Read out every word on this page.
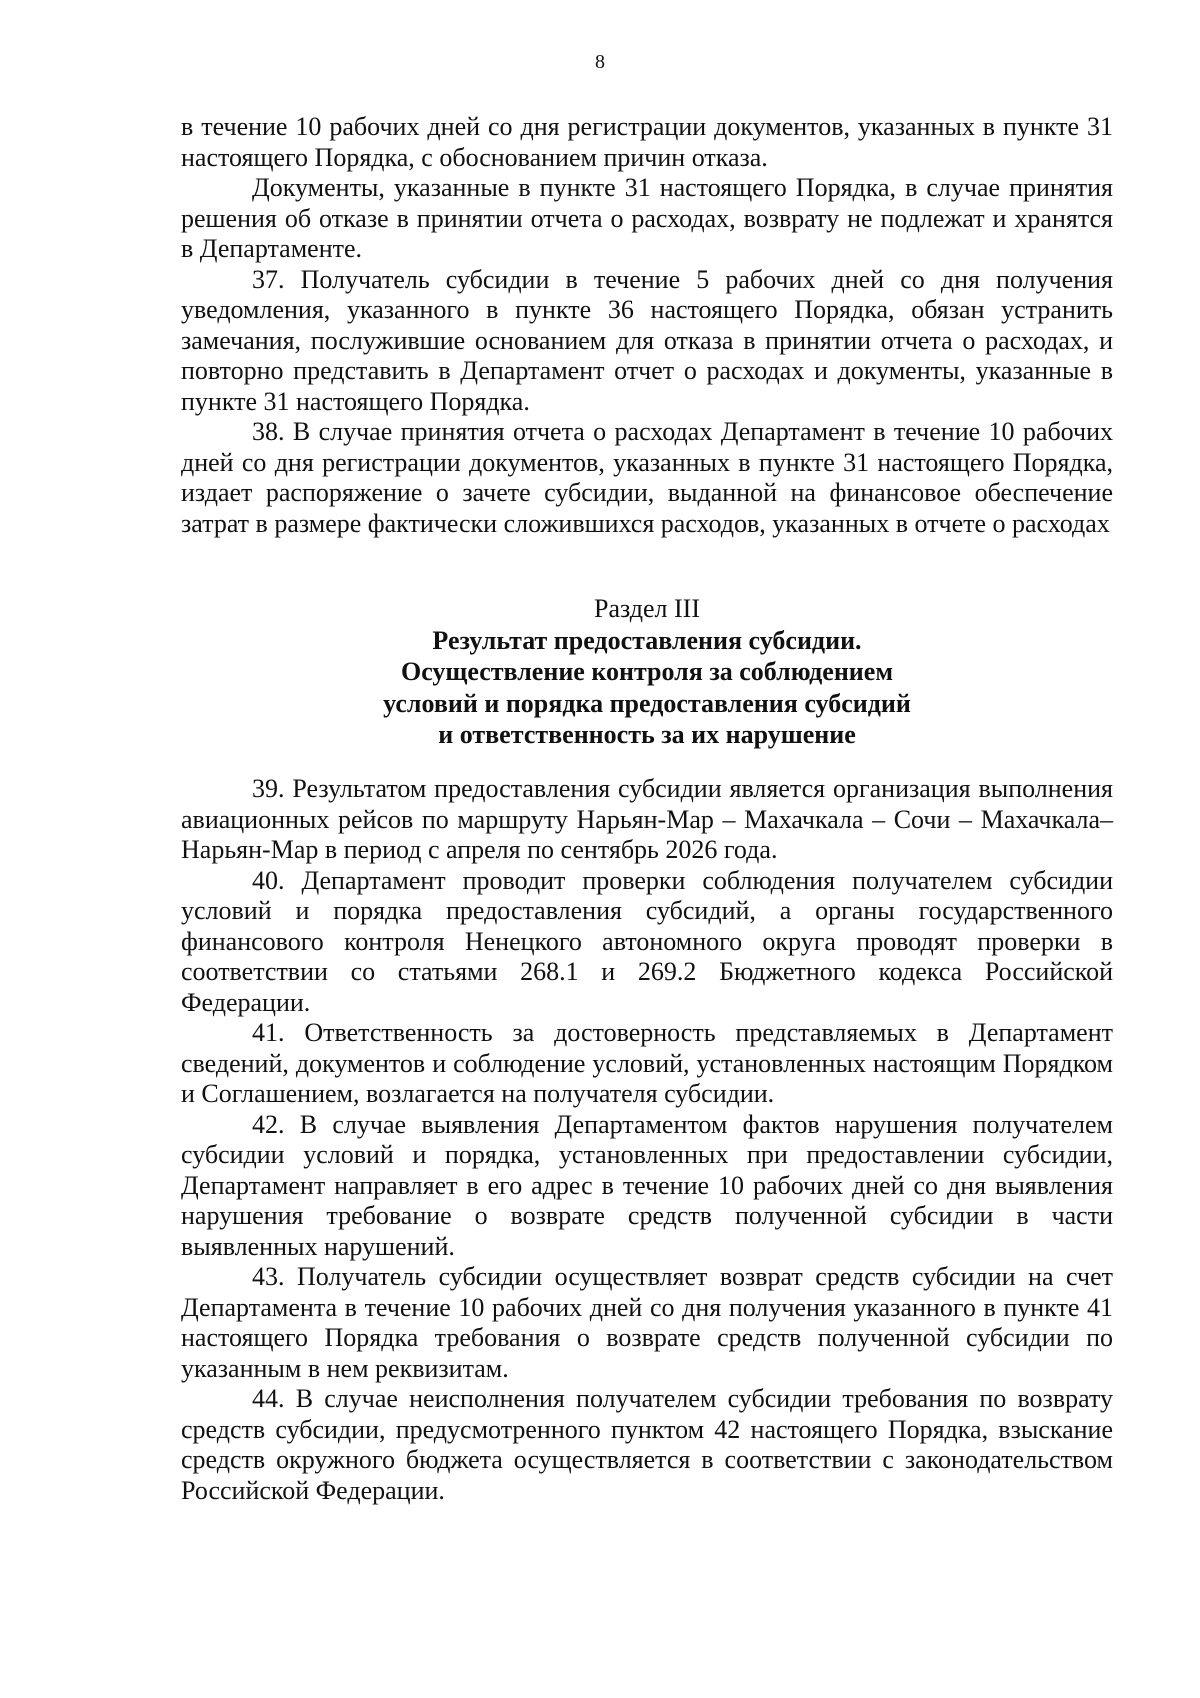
8

в течение 10 рабочих дней со дня регистрации документов, указанных в пункте 31 настоящего Порядка, с обоснованием причин отказа.

Документы, указанные в пункте 31 настоящего Порядка, в случае принятия решения об отказе в принятии отчета о расходах, возврату не подлежат и хранятся в Департаменте.

37. Получатель субсидии в течение 5 рабочих дней со дня получения уведомления, указанного в пункте 36 настоящего Порядка, обязан устранить замечания, послужившие основанием для отказа в принятии отчета о расходах, и повторно представить в Департамент отчет о расходах и документы, указанные в пункте 31 настоящего Порядка.

38. В случае принятия отчета о расходах Департамент в течение 10 рабочих дней со дня регистрации документов, указанных в пункте 31 настоящего Порядка, издает распоряжение о зачете субсидии, выданной на финансовое обеспечение затрат в размере фактически сложившихся расходов, указанных в отчете о расходах

Раздел III
Результат предоставления субсидии.
Осуществление контроля за соблюдением
условий и порядка предоставления субсидий
и ответственность за их нарушение

39. Результатом предоставления субсидии является организация выполнения авиационных рейсов по маршруту Нарьян-Мар – Махачкала – Сочи – Махачкала– Нарьян-Мар в период с апреля по сентябрь 2026 года.

40. Департамент проводит проверки соблюдения получателем субсидии условий и порядка предоставления субсидий, а органы государственного финансового контроля Ненецкого автономного округа проводят проверки в соответствии со статьями 268.1 и 269.2 Бюджетного кодекса Российской Федерации.

41. Ответственность за достоверность представляемых в Департамент сведений, документов и соблюдение условий, установленных настоящим Порядком и Соглашением, возлагается на получателя субсидии.

42. В случае выявления Департаментом фактов нарушения получателем субсидии условий и порядка, установленных при предоставлении субсидии, Департамент направляет в его адрес в течение 10 рабочих дней со дня выявления нарушения требование о возврате средств полученной субсидии в части выявленных нарушений.

43. Получатель субсидии осуществляет возврат средств субсидии на счет Департамента в течение 10 рабочих дней со дня получения указанного в пункте 41 настоящего Порядка требования о возврате средств полученной субсидии по указанным в нем реквизитам.

44. В случае неисполнения получателем субсидии требования по возврату средств субсидии, предусмотренного пунктом 42 настоящего Порядка, взыскание средств окружного бюджета осуществляется в соответствии с законодательством Российской Федерации.
